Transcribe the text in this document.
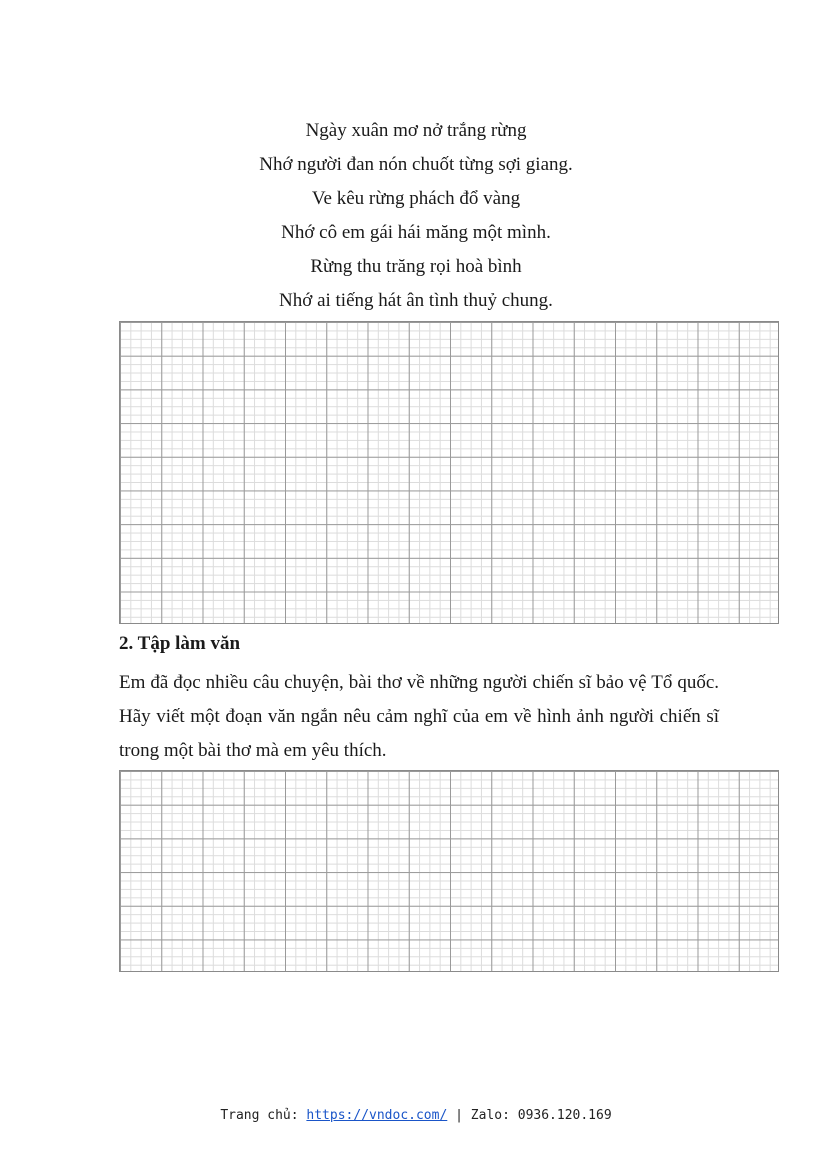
Ngày xuân mơ nở trắng rừng
Nhớ người đan nón chuốt từng sợi giang.
Ve kêu rừng phách đổ vàng
Nhớ cô em gái hái măng một mình.
Rừng thu trăng rọi hoà bình
Nhớ ai tiếng hát ân tình thuỷ chung.
2. Tập làm văn
Em đã đọc nhiều câu chuyện, bài thơ về những người chiến sĩ bảo vệ Tổ quốc. Hãy viết một đoạn văn ngắn nêu cảm nghĩ của em về hình ảnh người chiến sĩ trong một bài thơ mà em yêu thích.
Trang chủ: https://vndoc.com/ | Zalo: 0936.120.169
